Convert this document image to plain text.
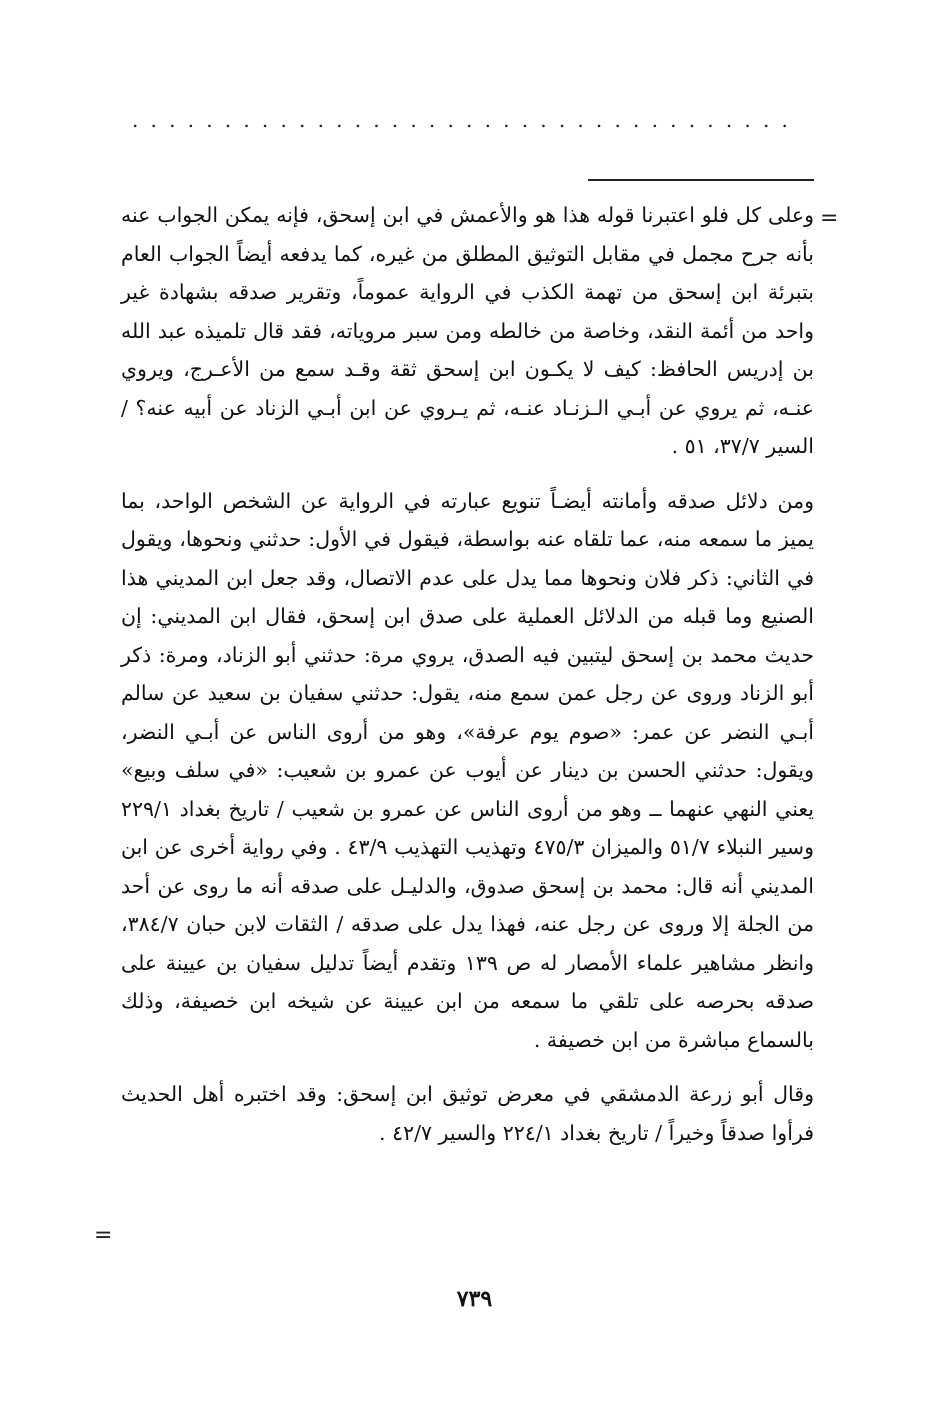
....................................
=

وعلى كل فلو اعتبرنا قوله هذا هو والأعمش في ابن إسحق، فإنه يمكن الجواب عنه بأنه جرح مجمل في مقابل التوثيق المطلق من غيره، كما يدفعه أيضاً الجواب العام بتبرئة ابن إسحق من تهمة الكذب في الرواية عموماً، وتقرير صدقه بشهادة غير واحد من أئمة النقد، وخاصة من خالطه ومن سبر مروياته، فقد قال تلميذه عبد الله بن إدريس الحافظ: كيف لا يكـون ابن إسحق ثقة وقـد سمع من الأعـرج، ويروي عنـه، ثم يروي عن أبـي الـزنـاد عنـه، ثم يـروي عن ابن أبـي الزناد عن أبيه عنه؟ / السير ٣٧/٧، ٥١ .

ومن دلائل صدقه وأمانته أيضـاً تنويع عبارته في الرواية عن الشخص الواحد، بما يميز ما سمعه منه، عما تلقاه عنه بواسطة، فيقول في الأول: حدثني ونحوها، ويقول في الثاني: ذكر فلان ونحوها مما يدل على عدم الاتصال، وقد جعل ابن المديني هذا الصنيع وما قبله من الدلائل العملية على صدق ابن إسحق، فقال ابن المديني: إن حديث محمد بن إسحق ليتبين فيه الصدق، يروي مرة: حدثني أبو الزناد، ومرة: ذكر أبو الزناد وروى عن رجل عمن سمع منه، يقول: حدثني سفيان بن سعيد عن سالم أبـي النضر عن عمر: «صوم يوم عرفة»، وهو من أروى الناس عن أبـي النضر، ويقول: حدثني الحسن بن دينار عن أيوب عن عمرو بن شعيب: «في سلف وبيع» يعني النهي عنهما ــ وهو من أروى الناس عن عمرو بن شعيب / تاريخ بغداد ٢٢٩/١ وسير النبلاء ٥١/٧ والميزان ٤٧٥/٣ وتهذيب التهذيب ٤٣/٩ . وفي رواية أخرى عن ابن المديني أنه قال: محمد بن إسحق صدوق، والدليـل على صدقه أنه ما روى عن أحد من الجلة إلا وروى عن رجل عنه، فهذا يدل على صدقه / الثقات لابن حبان ٣٨٤/٧، وانظر مشاهير علماء الأمصار له ص ١٣٩ وتقدم أيضاً تدليل سفيان بن عيينة على صدقه بحرصه على تلقي ما سمعه من ابن عيينة عن شيخه ابن خصيفة، وذلك بالسماع مباشرة من ابن خصيفة .

وقال أبو زرعة الدمشقي في معرض توثيق ابن إسحق: وقد اختبره أهل الحديث فرأوا صدقاً وخيراً / تاريخ بغداد ٢٢٤/١ والسير ٤٢/٧ .

=
٧٣٩
